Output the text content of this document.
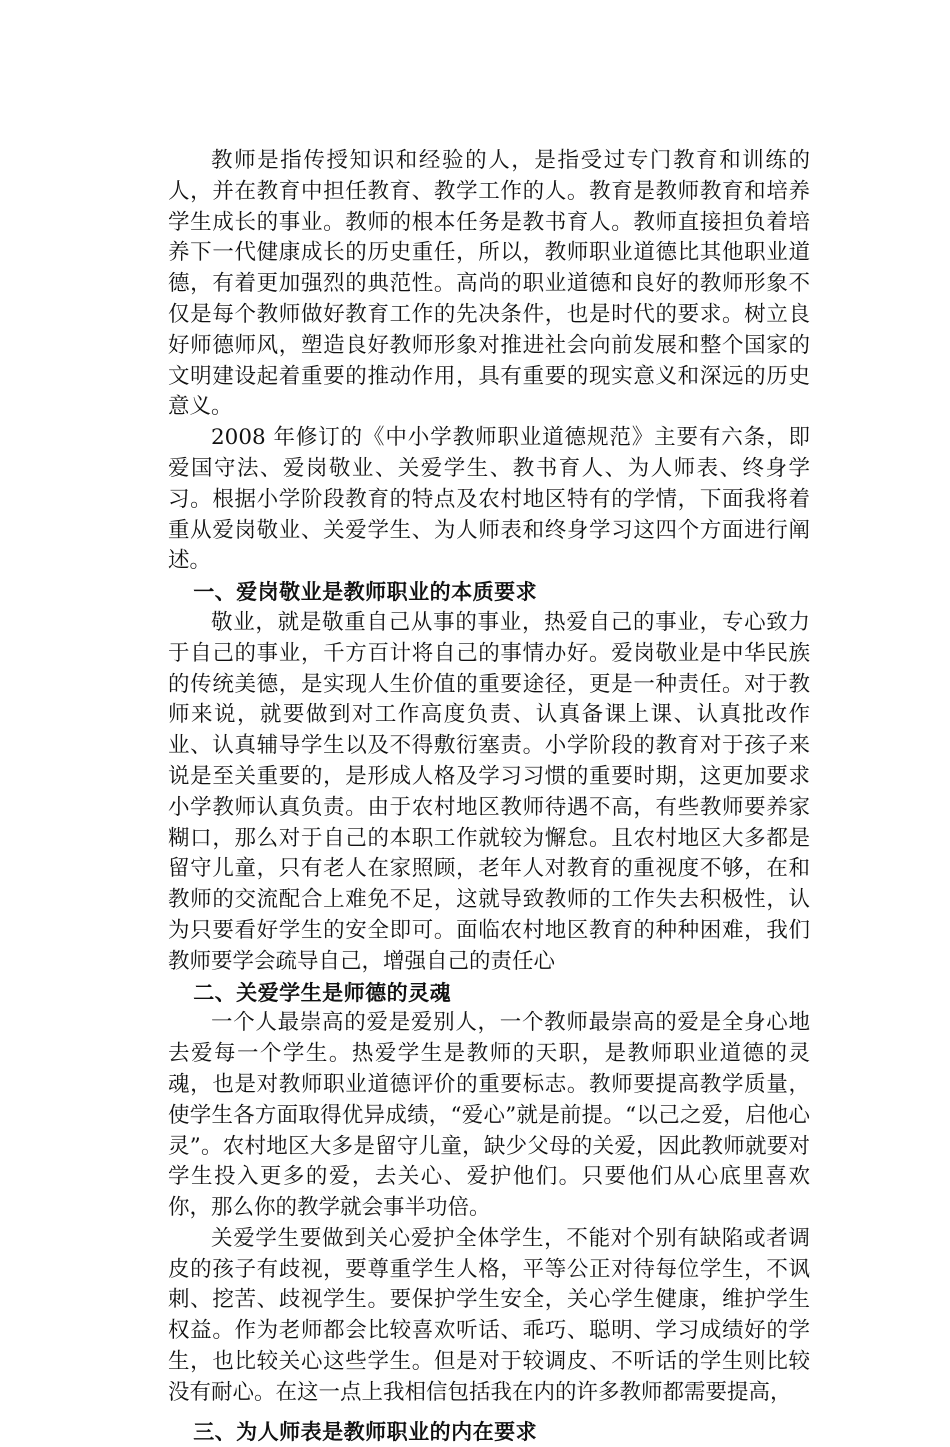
教师是指传授知识和经验的人，是指受过专门教育和训练的人，并在教育中担任教育、教学工作的人。教育是教师教育和培养学生成长的事业。教师的根本任务是教书育人。教师直接担负着培养下一代健康成长的历史重任，所以，教师职业道德比其他职业道德，有着更加强烈的典范性。高尚的职业道德和良好的教师形象不仅是每个教师做好教育工作的先决条件，也是时代的要求。树立良好师德师风，塑造良好教师形象对推进社会向前发展和整个国家的文明建设起着重要的推动作用，具有重要的现实意义和深远的历史意义。

2008 年修订的《中小学教师职业道德规范》主要有六条，即爱国守法、爱岗敬业、关爱学生、教书育人、为人师表、终身学习。根据小学阶段教育的特点及农村地区特有的学情，下面我将着重从爱岗敬业、关爱学生、为人师表和终身学习这四个方面进行阐述。

一、爱岗敬业是教师职业的本质要求

敬业，就是敬重自己从事的事业，热爱自己的事业，专心致力于自己的事业，千方百计将自己的事情办好。爱岗敬业是中华民族的传统美德，是实现人生价值的重要途径，更是一种责任。对于教师来说，就要做到对工作高度负责、认真备课上课、认真批改作业、认真辅导学生以及不得敷衍塞责。小学阶段的教育对于孩子来说是至关重要的，是形成人格及学习习惯的重要时期，这更加要求小学教师认真负责。由于农村地区教师待遇不高，有些教师要养家糊口，那么对于自己的本职工作就较为懈怠。且农村地区大多都是留守儿童，只有老人在家照顾，老年人对教育的重视度不够，在和教师的交流配合上难免不足，这就导致教师的工作失去积极性，认为只要看好学生的安全即可。面临农村地区教育的种种困难，我们教师要学会疏导自己，增强自己的责任心

二、关爱学生是师德的灵魂

一个人最崇高的爱是爱别人，一个教师最崇高的爱是全身心地去爱每一个学生。热爱学生是教师的天职，是教师职业道德的灵魂，也是对教师职业道德评价的重要标志。教师要提高教学质量，使学生各方面取得优异成绩，“爱心”就是前提。“以己之爱，启他心灵”。农村地区大多是留守儿童，缺少父母的关爱，因此教师就要对学生投入更多的爱，去关心、爱护他们。只要他们从心底里喜欢你，那么你的教学就会事半功倍。

关爱学生要做到关心爱护全体学生，不能对个别有缺陷或者调皮的孩子有歧视，要尊重学生人格，平等公正对待每位学生，不讽刺、挖苦、歧视学生。要保护学生安全，关心学生健康，维护学生权益。作为老师都会比较喜欢听话、乖巧、聪明、学习成绩好的学生，也比较关心这些学生。但是对于较调皮、不听话的学生则比较没有耐心。在这一点上我相信包括我在内的许多教师都需要提高，

三、为人师表是教师职业的内在要求
